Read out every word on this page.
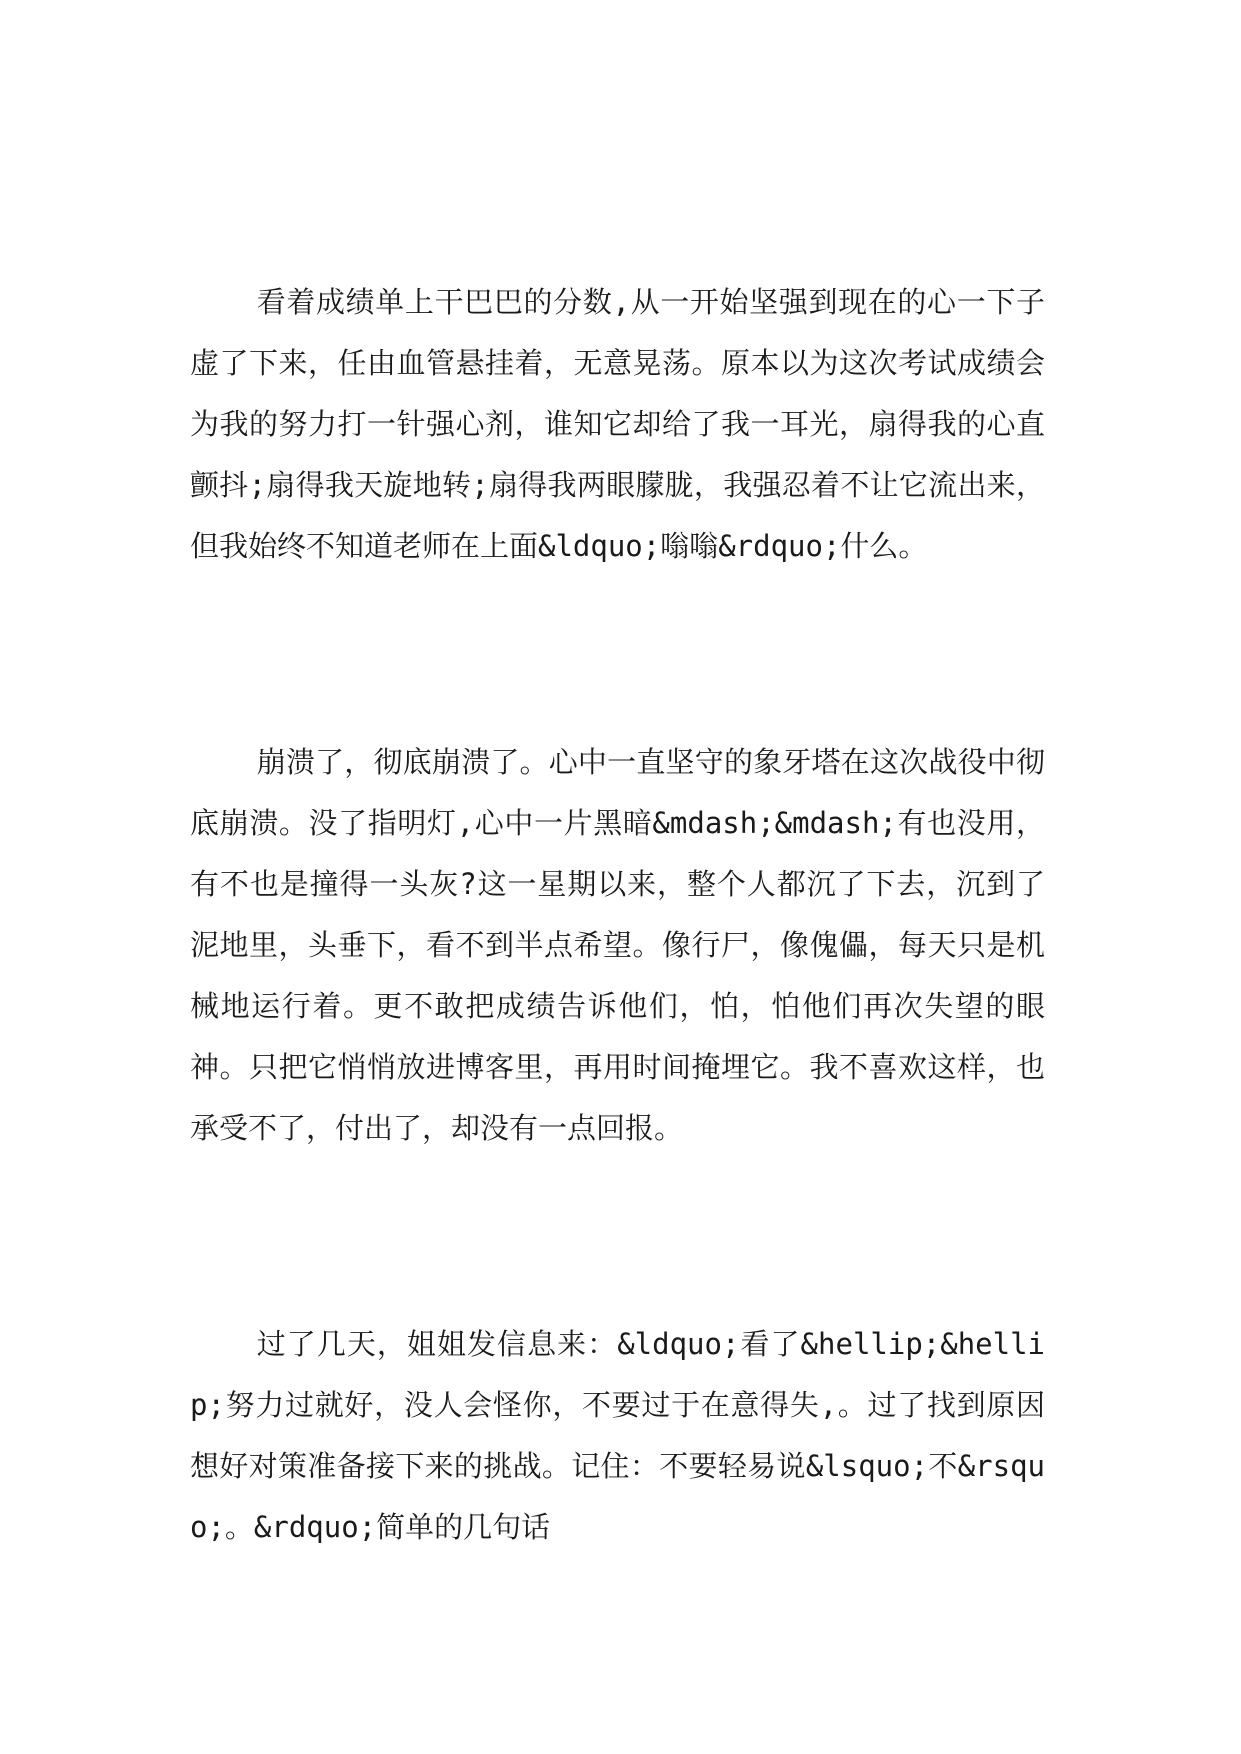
看着成绩单上干巴巴的分数,从一开始坚强到现在的心一下子虚了下来，任由血管悬挂着，无意晃荡。原本以为这次考试成绩会为我的努力打一针强心剂，谁知它却给了我一耳光，扇得我的心直颤抖;扇得我天旋地转;扇得我两眼朦胧，我强忍着不让它流出来，但我始终不知道老师在上面&ldquo;嗡嗡&rdquo;什么。

崩溃了，彻底崩溃了。心中一直坚守的象牙塔在这次战役中彻底崩溃。没了指明灯,心中一片黑暗&mdash;&mdash;有也没用，有不也是撞得一头灰?这一星期以来，整个人都沉了下去，沉到了泥地里，头垂下，看不到半点希望。像行尸，像傀儡，每天只是机械地运行着。更不敢把成绩告诉他们，怕，怕他们再次失望的眼神。只把它悄悄放进博客里，再用时间掩埋它。我不喜欢这样，也承受不了，付出了，却没有一点回报。

过了几天，姐姐发信息来：&ldquo;看了&hellip;&hellip;努力过就好，没人会怪你，不要过于在意得失,。过了找到原因想好对策准备接下来的挑战。记住：不要轻易说&lsquo;不&rsquo;。&rdquo;简单的几句话
